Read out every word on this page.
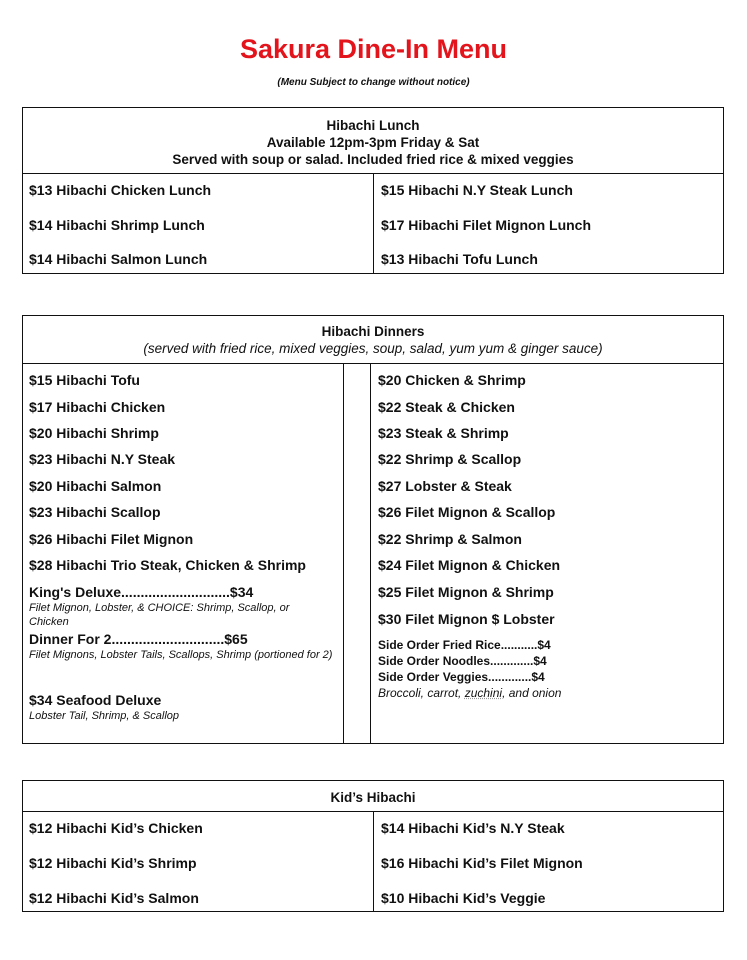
Sakura Dine-In Menu
(Menu Subject to change without notice)
Hibachi Lunch
Available 12pm-3pm Friday & Sat
Served with soup or salad. Included fried rice & mixed veggies
$13 Hibachi Chicken Lunch
$14 Hibachi Shrimp Lunch
$14 Hibachi Salmon Lunch
$15 Hibachi N.Y Steak Lunch
$17 Hibachi Filet Mignon Lunch
$13 Hibachi Tofu Lunch
Hibachi Dinners
(served with fried rice, mixed veggies, soup, salad, yum yum & ginger sauce)
$15 Hibachi Tofu
$17 Hibachi Chicken
$20 Hibachi Shrimp
$23 Hibachi N.Y Steak
$20 Hibachi Salmon
$23 Hibachi Scallop
$26 Hibachi Filet Mignon
$28 Hibachi Trio Steak, Chicken & Shrimp
King's Deluxe............................$34
Filet Mignon, Lobster, & CHOICE: Shrimp, Scallop, or Chicken
Dinner For 2.............................$65
Filet Mignons, Lobster Tails, Scallops, Shrimp (portioned for 2)
$34 Seafood Deluxe
Lobster Tail, Shrimp, & Scallop
$20 Chicken & Shrimp
$22 Steak & Chicken
$23 Steak & Shrimp
$22 Shrimp & Scallop
$27 Lobster & Steak
$26 Filet Mignon & Scallop
$22 Shrimp & Salmon
$24 Filet Mignon & Chicken
$25 Filet Mignon & Shrimp
$30 Filet Mignon $ Lobster
Side Order Fried Rice...........$4
Side Order Noodles.............$4
Side Order Veggies.............$4
Broccoli, carrot, zuchini, and onion
Kid’s Hibachi
$12 Hibachi Kid’s Chicken
$12 Hibachi Kid’s Shrimp
$12 Hibachi Kid’s Salmon
$14 Hibachi Kid’s N.Y Steak
$16 Hibachi Kid’s Filet Mignon
$10 Hibachi Kid’s Veggie
